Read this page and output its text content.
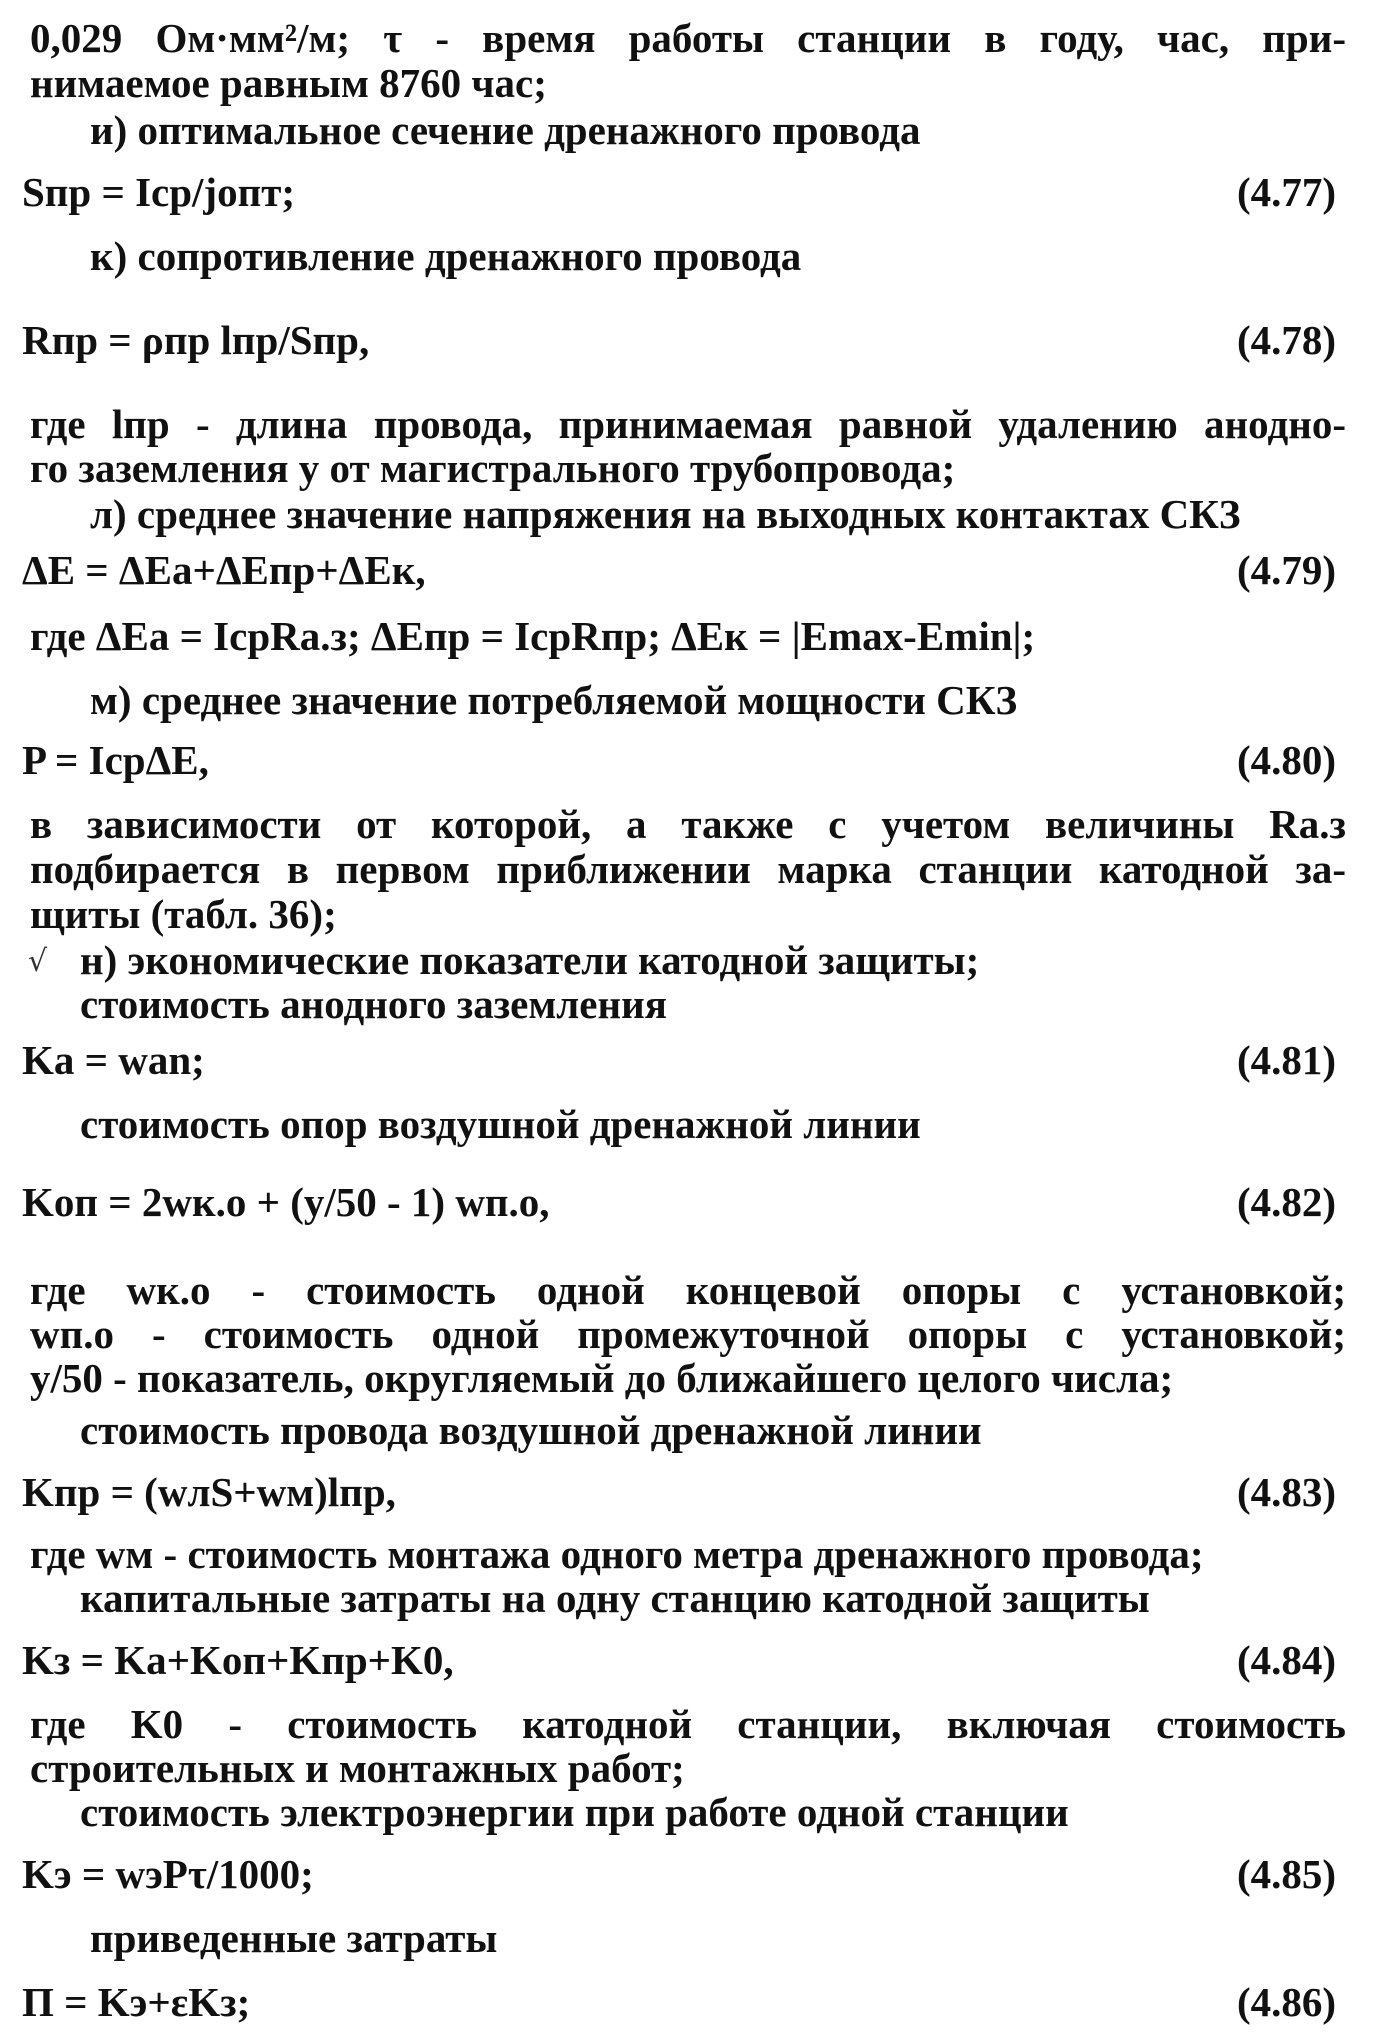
0,029 Ом·мм²/м; τ - время работы станции в году, час, при-
нимаемое равным 8760 час;
и) оптимальное сечение дренажного провода
Sпр = Iср/jопт;	(4.77)
к) сопротивление дренажного провода
Rпр = ρпр lпр/Sпр,	(4.78)
где lпр - длина провода, принимаемая равной удалению анодно-
го заземления y от магистрального трубопровода;
л) среднее значение напряжения на выходных контактах СКЗ
ΔE = ΔEа+ΔEпр+ΔEк,	(4.79)
где ΔEа = IсрRа.з; ΔEпр = IсрRпр; ΔEк = |Emax-Emin|;
м) среднее значение потребляемой мощности СКЗ
P = IсрΔE,	(4.80)
в зависимости от которой, а также с учетом величины Rа.з
подбирается в первом приближении марка станции катодной за-
щиты (табл. 36);
√ н) экономические показатели катодной защиты;
стоимость анодного заземления
Kа = wаn;	(4.81)
стоимость опор воздушной дренажной линии
Kоп = 2wк.о + (y/50 - 1) wп.о,	(4.82)
где wк.о - стоимость одной концевой опоры с установкой;
wп.о - стоимость одной промежуточной опоры с установкой;
y/50 - показатель, округляемый до ближайшего целого числа;
стоимость провода воздушной дренажной линии
Kпр = (wлS+wм)lпр,	(4.83)
где wм - стоимость монтажа одного метра дренажного провода;
капитальные затраты на одну станцию катодной защиты
Kз = Kа+Kоп+Kпр+K0,	(4.84)
где K0 - стоимость катодной станции, включая стоимость
строительных и монтажных работ;
стоимость электроэнергии при работе одной станции
Kэ = wэPτ/1000;	(4.85)
приведенные затраты
П = Kэ+εKз;	(4.86)
